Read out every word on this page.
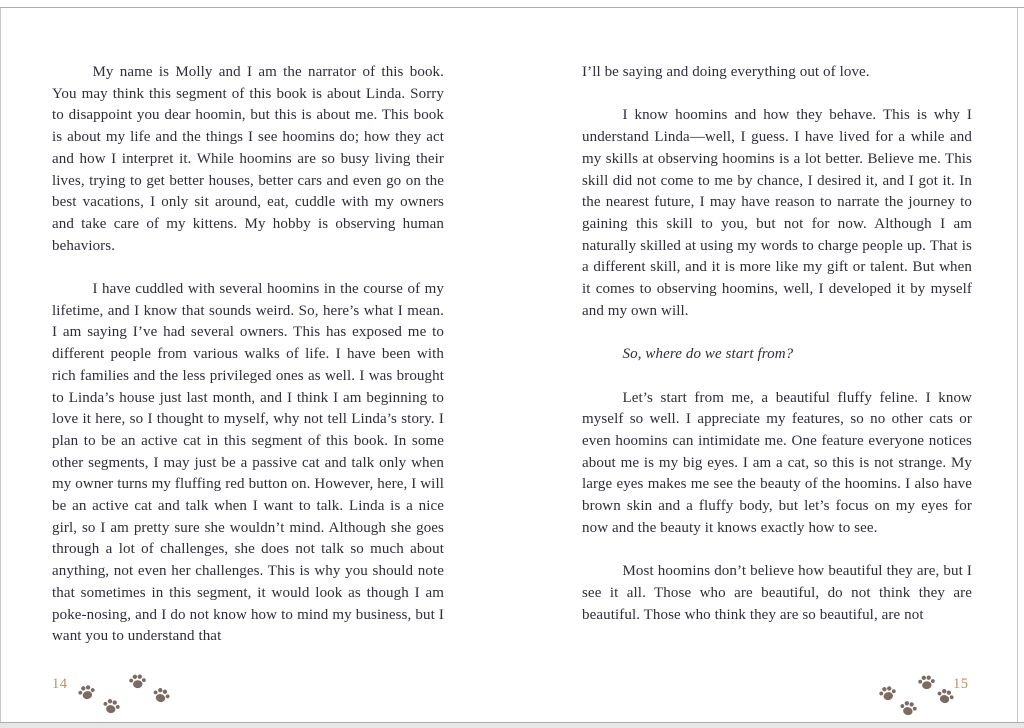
My name is Molly and I am the narrator of this book. You may think this segment of this book is about Linda. Sorry to disappoint you dear hoomin, but this is about me. This book is about my life and the things I see hoomins do; how they act and how I interpret it. While hoomins are so busy living their lives, trying to get better houses, better cars and even go on the best vacations, I only sit around, eat, cuddle with my owners and take care of my kittens. My hobby is observing human behaviors.

I have cuddled with several hoomins in the course of my lifetime, and I know that sounds weird. So, here’s what I mean. I am saying I’ve had several owners. This has exposed me to different people from various walks of life. I have been with rich families and the less privileged ones as well. I was brought to Linda’s house just last month, and I think I am beginning to love it here, so I thought to myself, why not tell Linda’s story. I plan to be an active cat in this segment of this book. In some other segments, I may just be a passive cat and talk only when my owner turns my fluffing red button on. However, here, I will be an active cat and talk when I want to talk. Linda is a nice girl, so I am pretty sure she wouldn’t mind. Although she goes through a lot of challenges, she does not talk so much about anything, not even her challenges. This is why you should note that sometimes in this segment, it would look as though I am poke-nosing, and I do not know how to mind my business, but I want you to understand that

I’ll be saying and doing everything out of love.

I know hoomins and how they behave. This is why I understand Linda—well, I guess. I have lived for a while and my skills at observing hoomins is a lot better. Believe me. This skill did not come to me by chance, I desired it, and I got it. In the nearest future, I may have reason to narrate the journey to gaining this skill to you, but not for now. Although I am naturally skilled at using my words to charge people up. That is a different skill, and it is more like my gift or talent. But when it comes to observing hoomins, well, I developed it by myself and my own will.

So, where do we start from?

Let’s start from me, a beautiful fluffy feline. I know myself so well. I appreciate my features, so no other cats or even hoomins can intimidate me. One feature everyone notices about me is my big eyes. I am a cat, so this is not strange. My large eyes makes me see the beauty of the hoomins. I also have brown skin and a fluffy body, but let’s focus on my eyes for now and the beauty it knows exactly how to see.

Most hoomins don’t believe how beautiful they are, but I see it all. Those who are beautiful, do not think they are beautiful. Those who think they are so beautiful, are not

14	15
